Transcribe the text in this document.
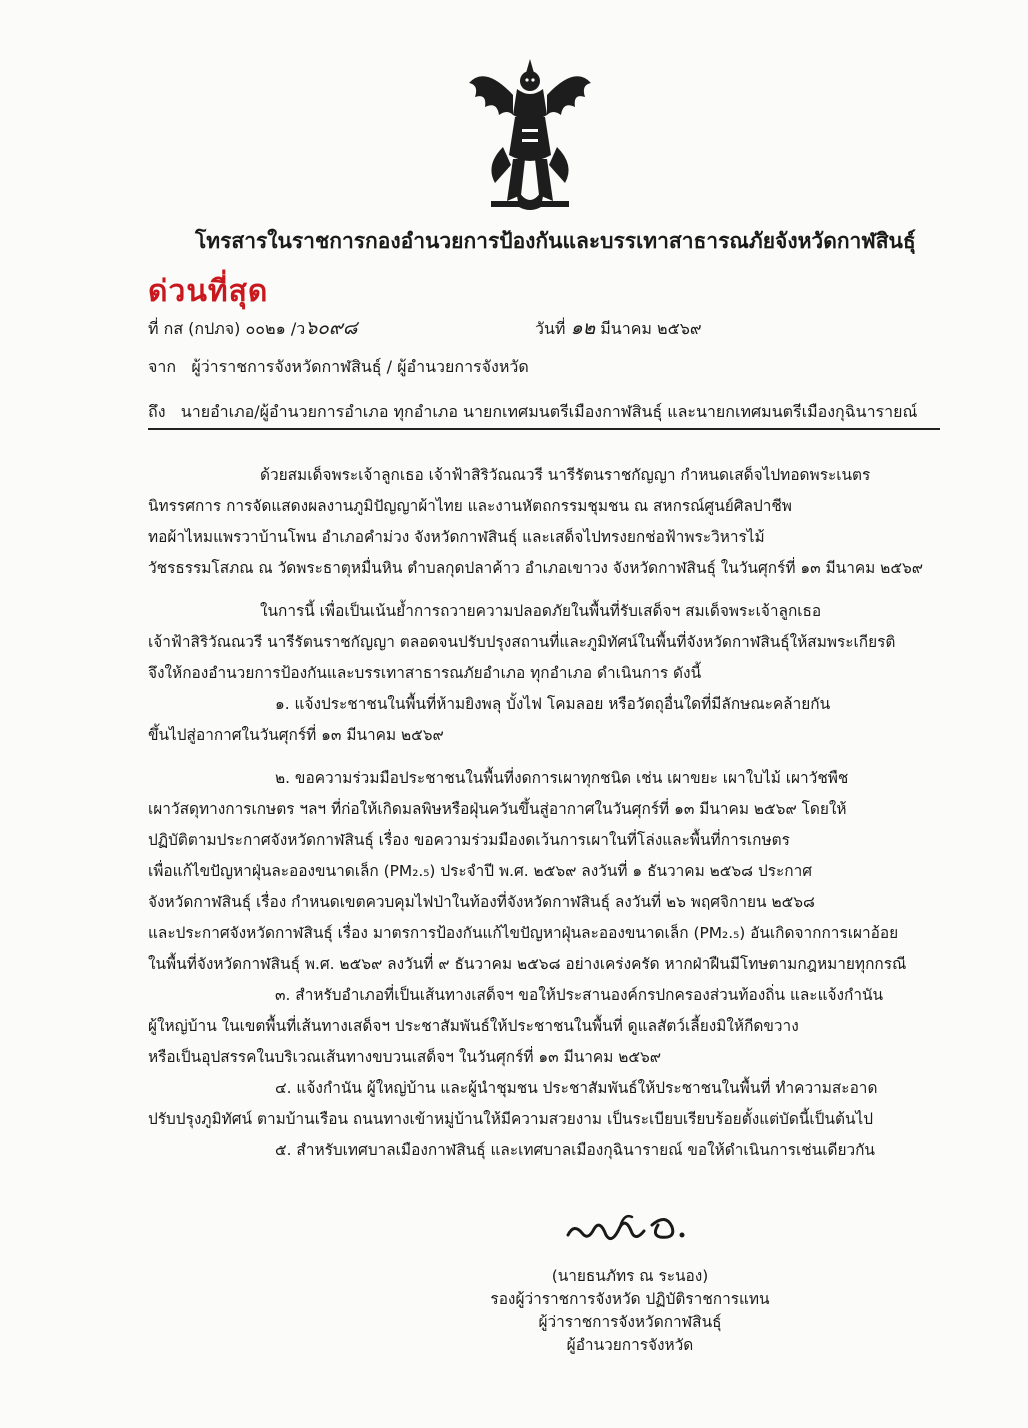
โทรสารในราชการกองอำนวยการป้องกันและบรรเทาสาธารณภัยจังหวัดกาฬสินธุ์
ด่วนที่สุด
ที่ กส (กปภจ) ๐๐๒๑ /ว๖๐๙๘	วันที่ ๑๒ มีนาคม ๒๕๖๙
จาก ผู้ว่าราชการจังหวัดกาฬสินธุ์ / ผู้อำนวยการจังหวัด
ถึง นายอำเภอ/ผู้อำนวยการอำเภอ ทุกอำเภอ นายกเทศมนตรีเมืองกาฬสินธุ์ และนายกเทศมนตรีเมืองกุฉินารายณ์
ด้วยสมเด็จพระเจ้าลูกเธอ เจ้าฟ้าสิริวัณณวรี นารีรัตนราชกัญญา กำหนดเสด็จไปทอดพระเนตร
นิทรรศการ การจัดแสดงผลงานภูมิปัญญาผ้าไทย และงานหัตถกรรมชุมชน ณ สหกรณ์ศูนย์ศิลปาชีพ
ทอผ้าไหมแพรวาบ้านโพน อำเภอคำม่วง จังหวัดกาฬสินธุ์ และเสด็จไปทรงยกช่อฟ้าพระวิหารไม้
วัชรธรรมโสภณ ณ วัดพระธาตุหมื่นหิน ตำบลกุดปลาค้าว อำเภอเขาวง จังหวัดกาฬสินธุ์ ในวันศุกร์ที่ ๑๓ มีนาคม ๒๕๖๙
ในการนี้ เพื่อเป็นเน้นย้ำการถวายความปลอดภัยในพื้นที่รับเสด็จฯ สมเด็จพระเจ้าลูกเธอ
เจ้าฟ้าสิริวัณณวรี นารีรัตนราชกัญญา ตลอดจนปรับปรุงสถานที่และภูมิทัศน์ในพื้นที่จังหวัดกาฬสินธุ์ให้สมพระเกียรติ
จึงให้กองอำนวยการป้องกันและบรรเทาสาธารณภัยอำเภอ ทุกอำเภอ ดำเนินการ ดังนี้
๑. แจ้งประชาชนในพื้นที่ห้ามยิงพลุ บั้งไฟ โคมลอย หรือวัตถุอื่นใดที่มีลักษณะคล้ายกัน
ขึ้นไปสู่อากาศในวันศุกร์ที่ ๑๓ มีนาคม ๒๕๖๙
๒. ขอความร่วมมือประชาชนในพื้นที่งดการเผาทุกชนิด เช่น เผาขยะ เผาใบไม้ เผาวัชพืช
เผาวัสดุทางการเกษตร ฯลฯ ที่ก่อให้เกิดมลพิษหรือฝุ่นควันขึ้นสู่อากาศในวันศุกร์ที่ ๑๓ มีนาคม ๒๕๖๙ โดยให้
ปฏิบัติตามประกาศจังหวัดกาฬสินธุ์ เรื่อง ขอความร่วมมืองดเว้นการเผาในที่โล่งและพื้นที่การเกษตร
เพื่อแก้ไขปัญหาฝุ่นละอองขนาดเล็ก (PM₂.₅) ประจำปี พ.ศ. ๒๕๖๙ ลงวันที่ ๑ ธันวาคม ๒๕๖๘ ประกาศ
จังหวัดกาฬสินธุ์ เรื่อง กำหนดเขตควบคุมไฟป่าในท้องที่จังหวัดกาฬสินธุ์ ลงวันที่ ๒๖ พฤศจิกายน ๒๕๖๘
และประกาศจังหวัดกาฬสินธุ์ เรื่อง มาตรการป้องกันแก้ไขปัญหาฝุ่นละอองขนาดเล็ก (PM₂.₅) อันเกิดจากการเผาอ้อย
ในพื้นที่จังหวัดกาฬสินธุ์ พ.ศ. ๒๕๖๙ ลงวันที่ ๙ ธันวาคม ๒๕๖๘ อย่างเคร่งครัด หากฝ่าฝืนมีโทษตามกฎหมายทุกกรณี
๓. สำหรับอำเภอที่เป็นเส้นทางเสด็จฯ ขอให้ประสานองค์กรปกครองส่วนท้องถิ่น และแจ้งกำนัน
ผู้ใหญ่บ้าน ในเขตพื้นที่เส้นทางเสด็จฯ ประชาสัมพันธ์ให้ประชาชนในพื้นที่ ดูแลสัตว์เลี้ยงมิให้กีดขวาง
หรือเป็นอุปสรรคในบริเวณเส้นทางขบวนเสด็จฯ ในวันศุกร์ที่ ๑๓ มีนาคม ๒๕๖๙
๔. แจ้งกำนัน ผู้ใหญ่บ้าน และผู้นำชุมชน ประชาสัมพันธ์ให้ประชาชนในพื้นที่ ทำความสะอาด
ปรับปรุงภูมิทัศน์ ตามบ้านเรือน ถนนทางเข้าหมู่บ้านให้มีความสวยงาม เป็นระเบียบเรียบร้อยตั้งแต่บัดนี้เป็นต้นไป
๕. สำหรับเทศบาลเมืองกาฬสินธุ์ และเทศบาลเมืองกุฉินารายณ์ ขอให้ดำเนินการเช่นเดียวกัน
(นายธนภัทร ณ ระนอง)
รองผู้ว่าราชการจังหวัด ปฏิบัติราชการแทน
ผู้ว่าราชการจังหวัดกาฬสินธุ์
ผู้อำนวยการจังหวัด
